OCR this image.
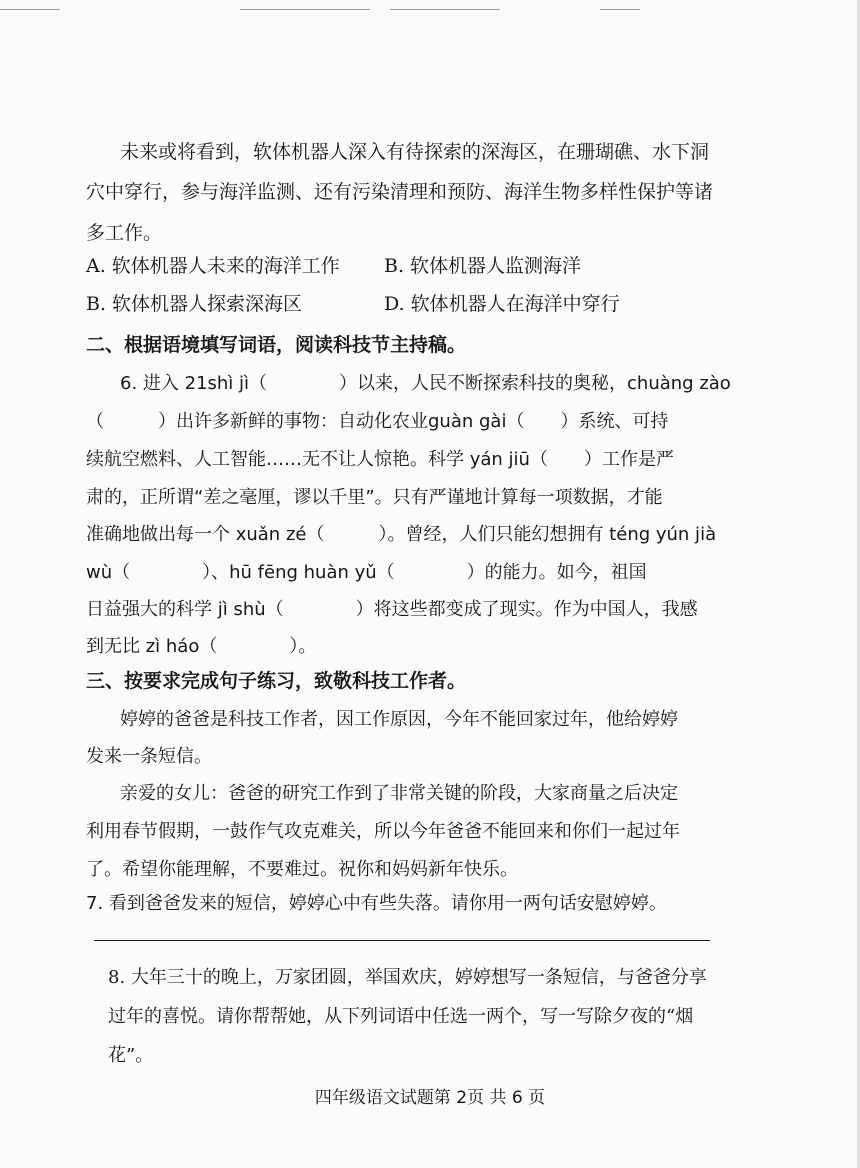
未来或将看到，软体机器人深入有待探索的深海区，在珊瑚礁、水下洞
穴中穿行，参与海洋监测、还有污染清理和预防、海洋生物多样性保护等诸
多工作。
A. 软体机器人未来的海洋工作 B. 软体机器人监测海洋
B. 软体机器人探索深海区	D. 软体机器人在海洋中穿行
二、根据语境填写词语，阅读科技节主持稿。
6. 进入 21shì jì（　　　　）以来，人民不断探索科技的奥秘，chuàng zào
（　　　）出许多新鲜的事物：自动化农业guàn gài（　　）系统、可持
续航空燃料、人工智能……无不让人惊艳。科学 yán jiū（　　）工作是严
肃的，正所谓“差之毫厘，谬以千里”。只有严谨地计算每一项数据，才能
准确地做出每一个 xuǎn zé（　　　）。曾经，人们只能幻想拥有 téng yún jià
wù（　　　　）、hū fēng huàn yǔ（　　　　）的能力。如今，祖国
日益强大的科学 jì shù（　　　　）将这些都变成了现实。作为中国人，我感
到无比 zì háo（　　　　）。
三、按要求完成句子练习，致敬科技工作者。
婷婷的爸爸是科技工作者，因工作原因，今年不能回家过年，他给婷婷
发来一条短信。
亲爱的女儿：爸爸的研究工作到了非常关键的阶段，大家商量之后决定
利用春节假期，一鼓作气攻克难关，所以今年爸爸不能回来和你们一起过年
了。希望你能理解，不要难过。祝你和妈妈新年快乐。
7. 看到爸爸发来的短信，婷婷心中有些失落。请你用一两句话安慰婷婷。
8. 大年三十的晚上，万家团圆，举国欢庆，婷婷想写一条短信，与爸爸分享
过年的喜悦。请你帮帮她，从下列词语中任选一两个，写一写除夕夜的“烟
花”。
四年级语文试题第 2页 共 6 页
